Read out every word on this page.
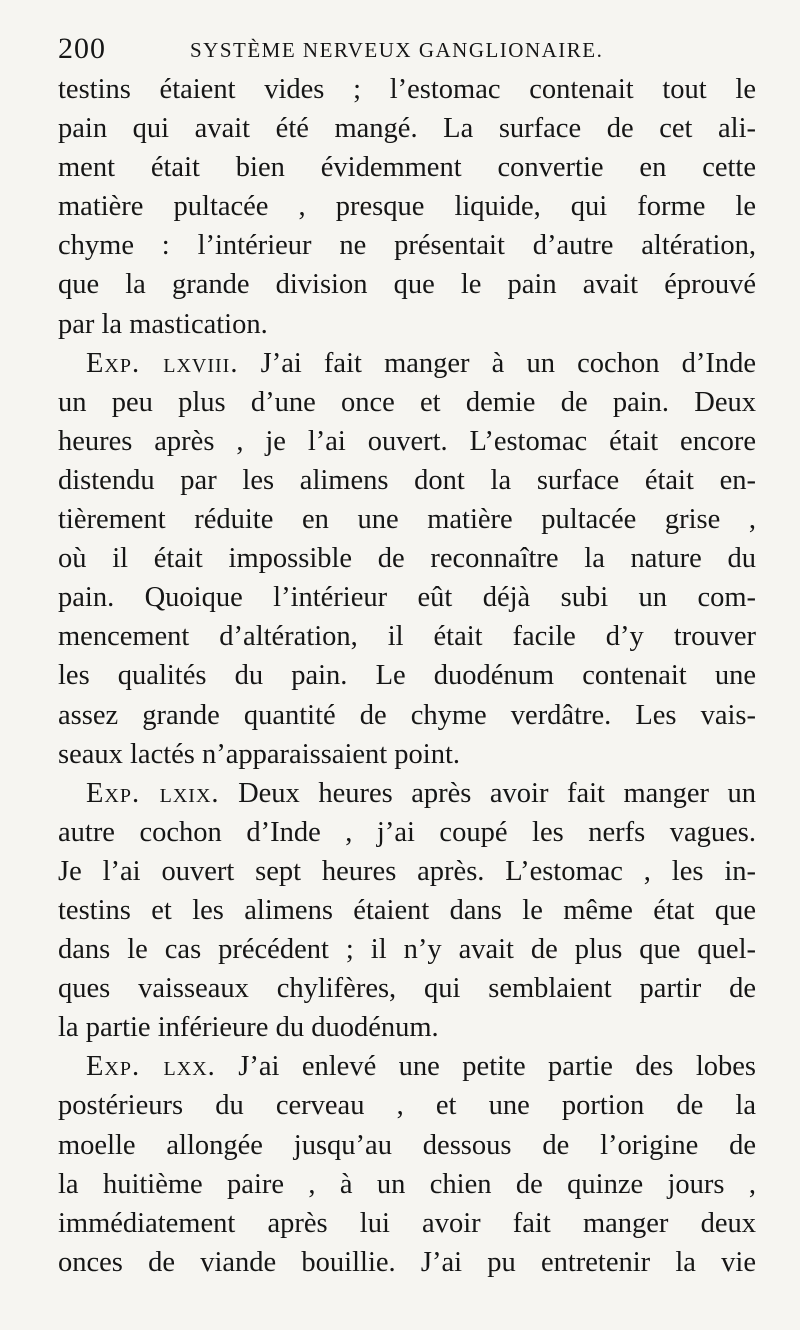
200	SYSTÈME NERVEUX GANGLIONAIRE.
testins étaient vides ; l’estomac contenait tout le
pain qui avait été mangé. La surface de cet ali-
ment était bien évidemment convertie en cette
matière pultacée , presque liquide, qui forme le
chyme : l’intérieur ne présentait d’autre altération,
que la grande division que le pain avait éprouvé
par la mastication.
Exp. lxviii. J’ai fait manger à un cochon d’Inde
un peu plus d’une once et demie de pain. Deux
heures après , je l’ai ouvert. L’estomac était encore
distendu par les alimens dont la surface était en-
tièrement réduite en une matière pultacée grise ,
où il était impossible de reconnaître la nature du
pain. Quoique l’intérieur eût déjà subi un com-
mencement d’altération, il était facile d’y trouver
les qualités du pain. Le duodénum contenait une
assez grande quantité de chyme verdâtre. Les vais-
seaux lactés n’apparaissaient point.
Exp. lxix. Deux heures après avoir fait manger un
autre cochon d’Inde , j’ai coupé les nerfs vagues.
Je l’ai ouvert sept heures après. L’estomac , les in-
testins et les alimens étaient dans le même état que
dans le cas précédent ; il n’y avait de plus que quel-
ques vaisseaux chylifères, qui semblaient partir de
la partie inférieure du duodénum.
Exp. lxx. J’ai enlevé une petite partie des lobes
postérieurs du cerveau , et une portion de la
moelle allongée jusqu’au dessous de l’origine de
la huitième paire , à un chien de quinze jours ,
immédiatement après lui avoir fait manger deux
onces de viande bouillie. J’ai pu entretenir la vie
